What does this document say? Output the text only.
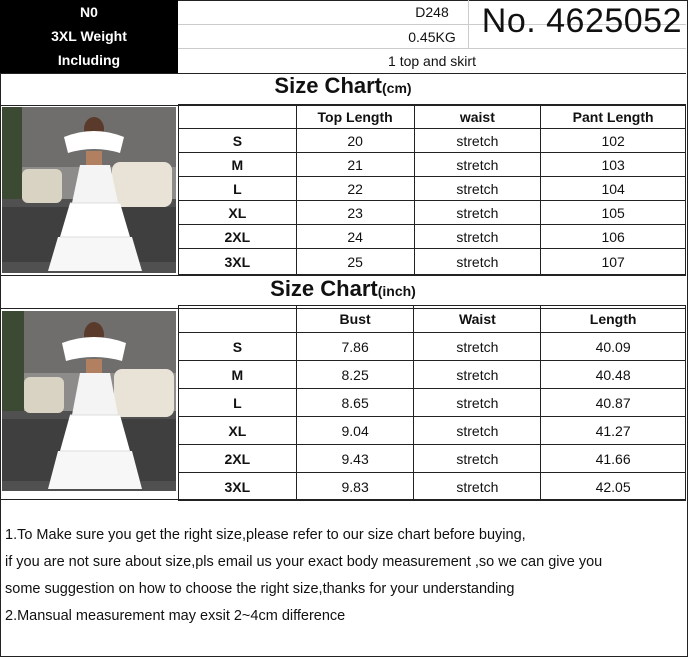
N0
3XL Weight
Including
D248
0.45KG
1 top and skirt
No. 4625052
Size Chart(cm)
	Top Length	waist	Pant Length
S	20	stretch	102
M	21	stretch	103
L	22	stretch	104
XL	23	stretch	105
2XL	24	stretch	106
3XL	25	stretch	107
Size Chart(inch)
	Bust	Waist	Length
S	7.86	stretch	40.09
M	8.25	stretch	40.48
L	8.65	stretch	40.87
XL	9.04	stretch	41.27
2XL	9.43	stretch	41.66
3XL	9.83	stretch	42.05
1.To Make sure you get the right size,please refer to our size chart before buying,
if you are not sure about size,pls email us your exact body measurement ,so we can give you
some suggestion on how to choose the right size,thanks for your understanding
2.Mansual measurement may exsit 2~4cm difference
